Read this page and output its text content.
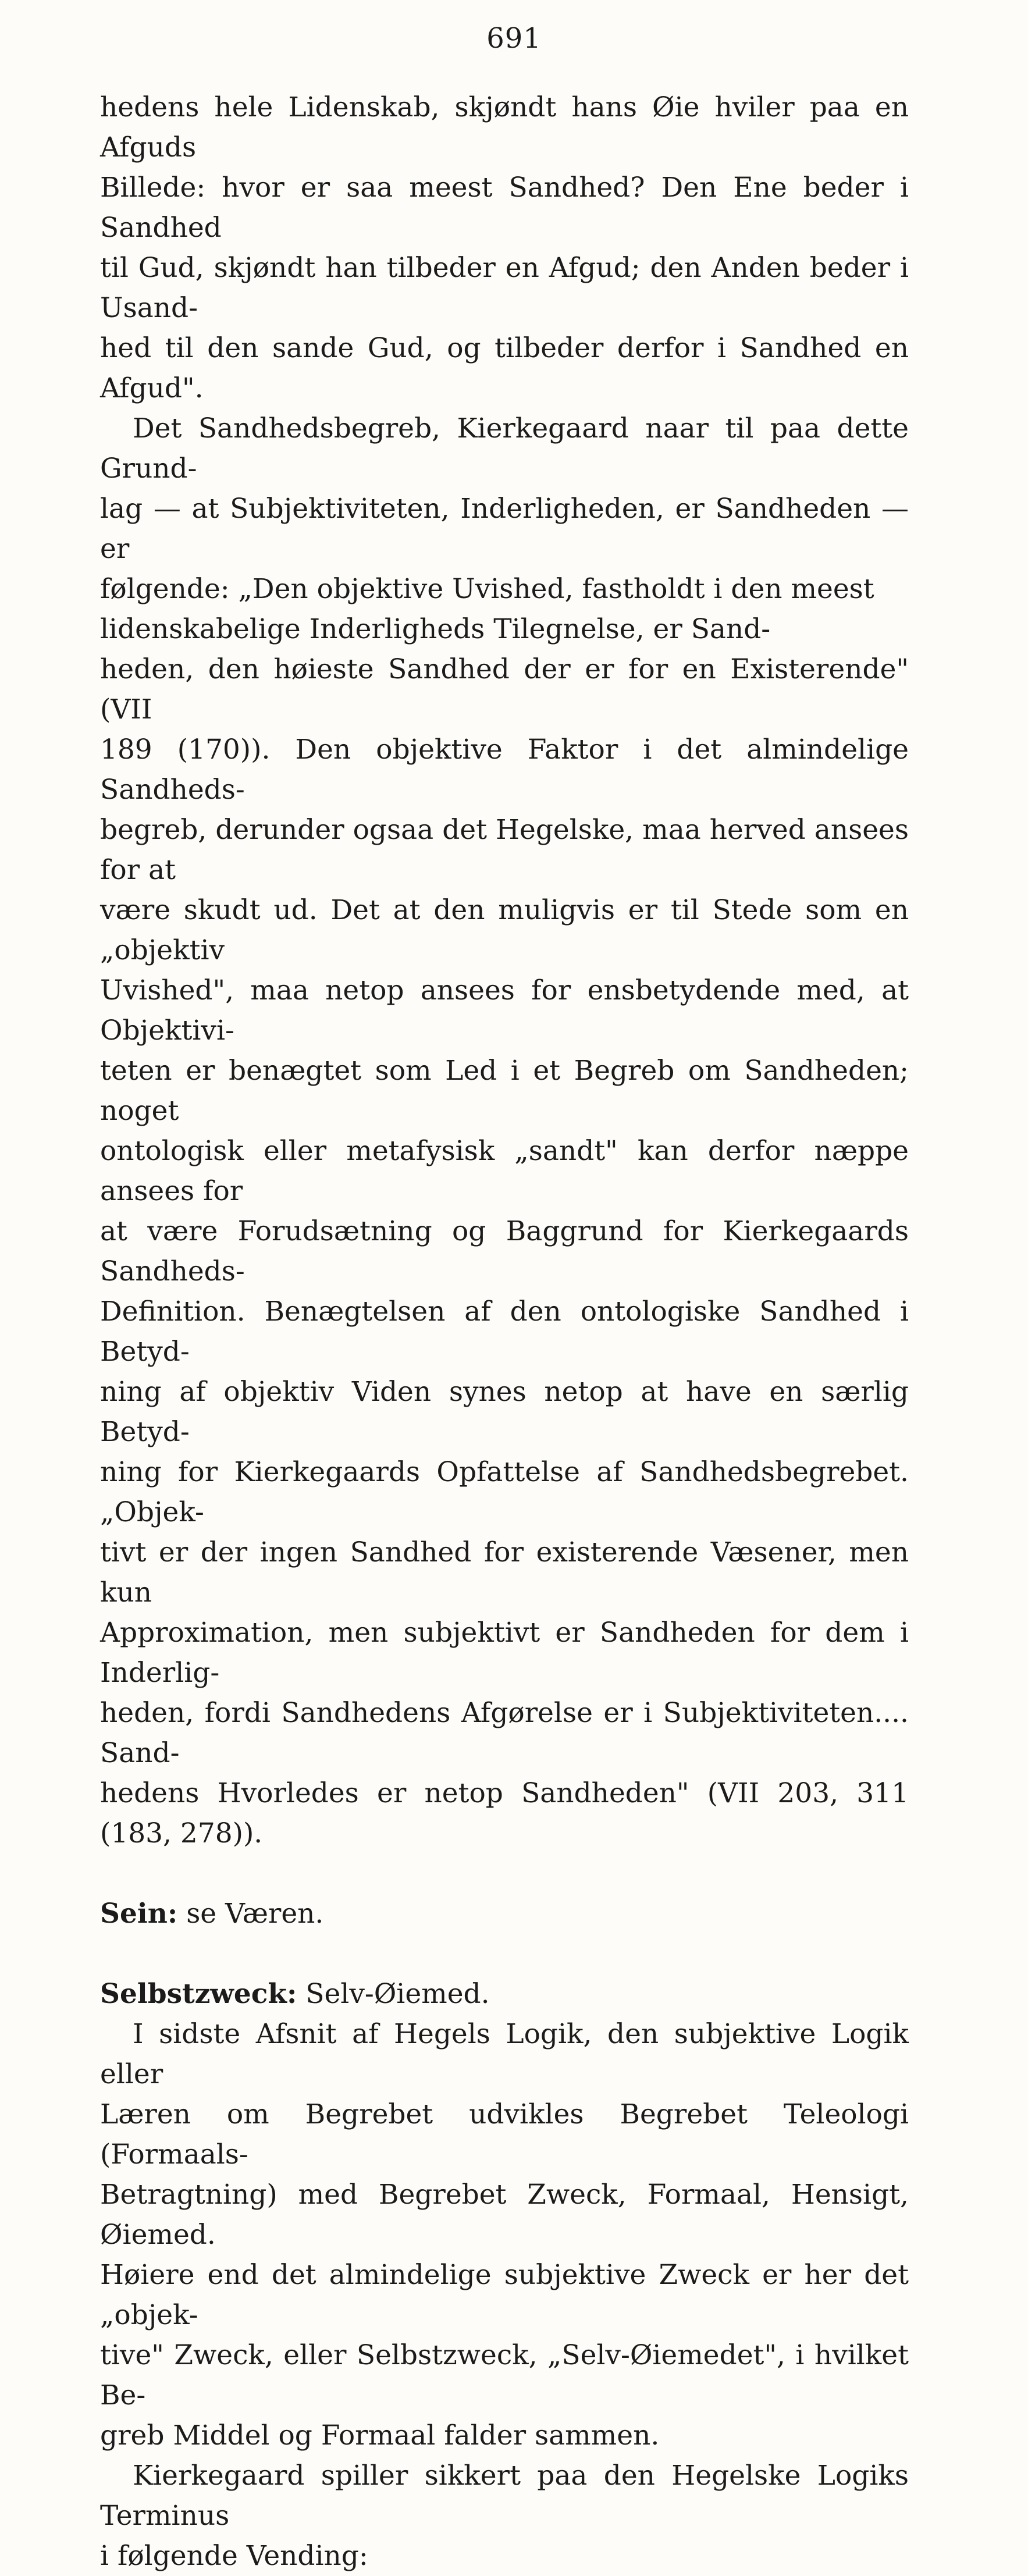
691
hedens hele Lidenskab, skjøndt hans Øie hviler paa en Afguds
Billede: hvor er saa meest Sandhed? Den Ene beder i Sandhed
til Gud, skjøndt han tilbeder en Afgud; den Anden beder i Usand-
hed til den sande Gud, og tilbeder derfor i Sandhed en Afgud".
Det Sandhedsbegreb, Kierkegaard naar til paa dette Grund-
lag — at Subjektiviteten, Inderligheden, er Sandheden — er
følgende: „Den objektive Uvished, fastholdt i den meest
lidenskabelige Inderligheds Tilegnelse, er Sand-
heden, den høieste Sandhed der er for en Existerende" (VII
189 (170)). Den objektive Faktor i det almindelige Sandheds-
begreb, derunder ogsaa det Hegelske, maa herved ansees for at
være skudt ud. Det at den muligvis er til Stede som en „objektiv
Uvished", maa netop ansees for ensbetydende med, at Objektivi-
teten er benægtet som Led i et Begreb om Sandheden; noget
ontologisk eller metafysisk „sandt" kan derfor næppe ansees for
at være Forudsætning og Baggrund for Kierkegaards Sandheds-
Definition. Benægtelsen af den ontologiske Sandhed i Betyd-
ning af objektiv Viden synes netop at have en særlig Betyd-
ning for Kierkegaards Opfattelse af Sandhedsbegrebet. „Objek-
tivt er der ingen Sandhed for existerende Væsener, men kun
Approximation, men subjektivt er Sandheden for dem i Inderlig-
heden, fordi Sandhedens Afgørelse er i Subjektiviteten.... Sand-
hedens Hvorledes er netop Sandheden" (VII 203, 311 (183, 278)).
Sein: se Væren.
Selbstzweck: Selv-Øiemed.
I sidste Afsnit af Hegels Logik, den subjektive Logik eller
Læren om Begrebet udvikles Begrebet Teleologi (Formaals-
Betragtning) med Begrebet Zweck, Formaal, Hensigt, Øiemed.
Høiere end det almindelige subjektive Zweck er her det „objek-
tive" Zweck, eller Selbstzweck, „Selv-Øiemedet", i hvilket Be-
greb Middel og Formaal falder sammen.
Kierkegaard spiller sikkert paa den Hegelske Logiks Terminus
i følgende Vending:
